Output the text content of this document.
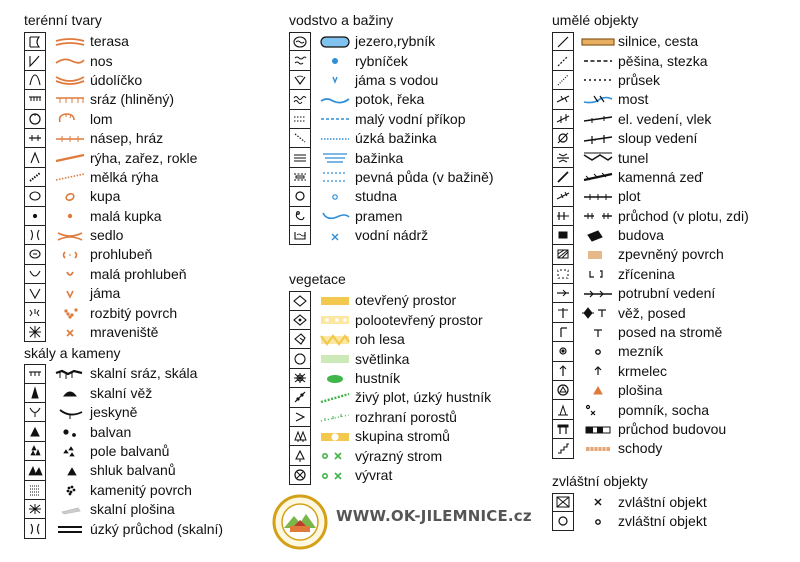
terénní tvary
terasa
nos
údolíčko
sráz (hliněný)
lom
násep, hráz
rýha, zařez, rokle
mělká rýha
kupa
malá kupka
sedlo
prohlubeň
malá prohlubeň
jáma
rozbitý povrch
mraveniště
skály a kameny
skalní sráz, skála
skalní věž
jeskyně
balvan
pole balvanů
shluk balvanů
kamenitý povrch
skalní plošina
úzký průchod (skalní)
vodstvo a bažiny
jezero,rybník
rybníček
jáma s vodou
potok, řeka
malý vodní příkop
úzká bažinka
bažinka
pevná půda (v bažině)
studna
pramen
vodní nádrž
vegetace
otevřený prostor
polootevřený prostor
roh lesa
světlinka
hustník
živý plot, úzký hustník
rozhraní porostů
skupina stromů
výrazný strom
vývrat
umělé objekty
silnice, cesta
pěšina, stezka
průsek
most
el. vedení, vlek
sloup vedení
tunel
kamenná zeď
plot
průchod (v plotu, zdi)
budova
zpevněný povrch
zřícenina
potrubní vedení
věž, posed
posed na stromě
mezník
krmelec
plošina
pomník, socha
průchod budovou
schody
zvláštní objekty
zvláštní objekt
zvláštní objekt
WWW.OK-JILEMNICE.cz
